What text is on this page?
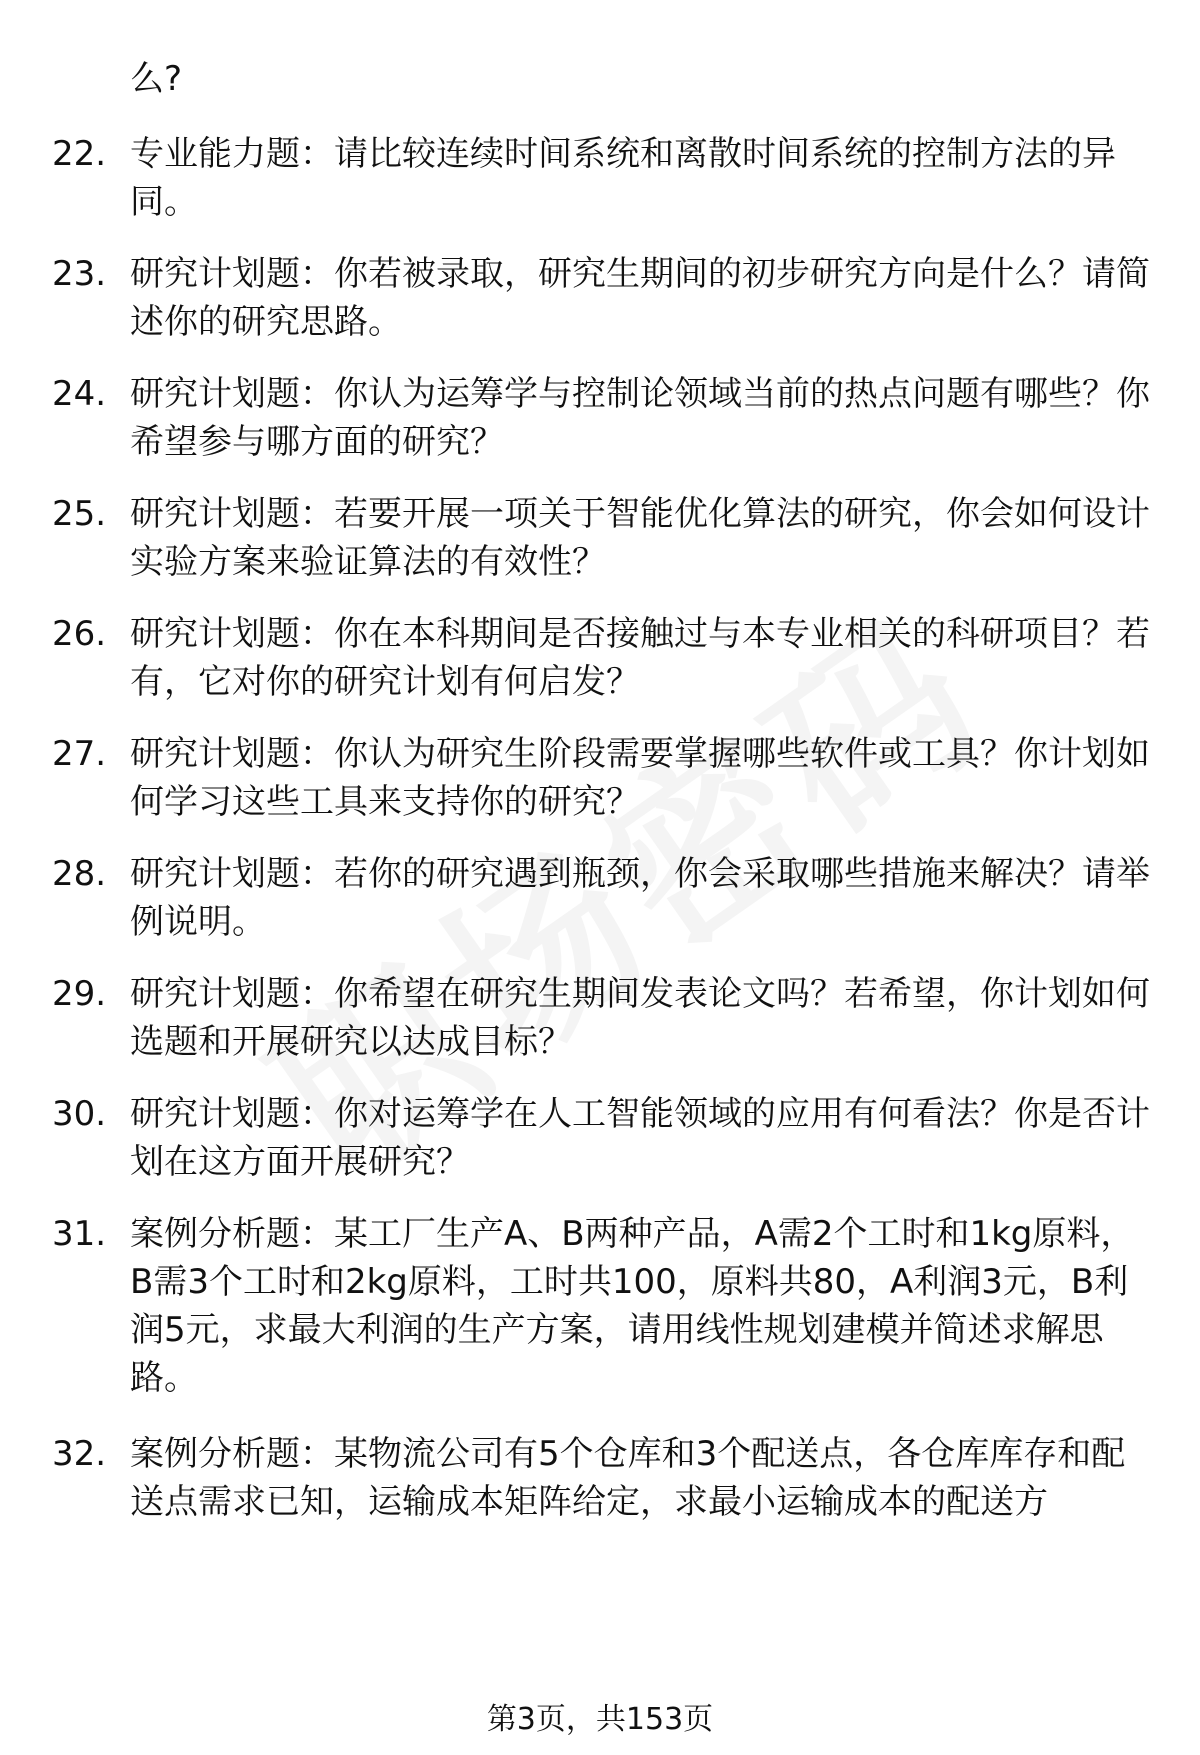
么?

22. 专业能力题：请比较连续时间系统和离散时间系统的控制方法的异同。

23. 研究计划题：你若被录取，研究生期间的初步研究方向是什么？请简述你的研究思路。

24. 研究计划题：你认为运筹学与控制论领域当前的热点问题有哪些？你希望参与哪方面的研究？

25. 研究计划题：若要开展一项关于智能优化算法的研究，你会如何设计实验方案来验证算法的有效性？

26. 研究计划题：你在本科期间是否接触过与本专业相关的科研项目？若有，它对你的研究计划有何启发？

27. 研究计划题：你认为研究生阶段需要掌握哪些软件或工具？你计划如何学习这些工具来支持你的研究？

28. 研究计划题：若你的研究遇到瓶颈，你会采取哪些措施来解决？请举例说明。

29. 研究计划题：你希望在研究生期间发表论文吗？若希望，你计划如何选题和开展研究以达成目标？

30. 研究计划题：你对运筹学在人工智能领域的应用有何看法？你是否计划在这方面开展研究？

31. 案例分析题：某工厂生产A、B两种产品，A需2个工时和1kg原料，B需3个工时和2kg原料，工时共100，原料共80，A利润3元，B利润5元，求最大利润的生产方案，请用线性规划建模并简述求解思路。

32. 案例分析题：某物流公司有5个仓库和3个配送点，各仓库库存和配送点需求已知，运输成本矩阵给定，求最小运输成本的配送方

第3页，共153页
